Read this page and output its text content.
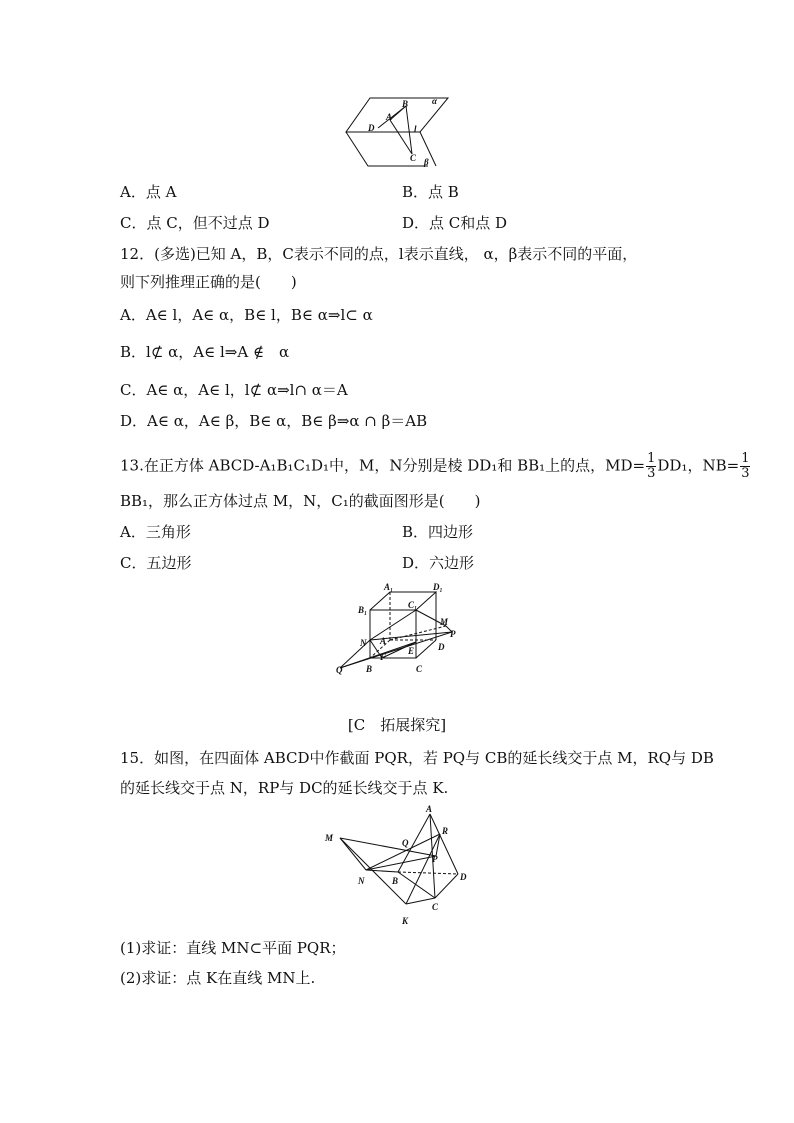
α
B
A
D	l
C β
A．点 A	B．点 B
C．点 C，但不过点 D	D．点 C和点 D
12．(多选)已知 A，B，C表示不同的点，l表示直线， α，β表示不同的平面，
则下列推理正确的是(　　)
A．A∈ l，A∈ α，B∈ l，B∈ α⇒l⊂ α
B．l⊄ α，A∈ l⇒A ∉　α
C．A∈ α，A∈ l，l⊄ α⇒l∩ α＝A
D．A∈ α，A∈ β，B∈ α，B∈ β⇒α ∩ β＝AB
13.在正方体 ABCD-A₁B₁C₁D₁中，M，N分别是棱 DD₁和 BB₁上的点，$MD= \frac{1}{3} DD_1$，$NB= \frac{1}{3}$
BB₁，那么正方体过点 M，N，C₁的截面图形是(　　)
A．三角形	B．四边形
C．五边形	D．六边形
A₁	D₁
B₁	C₁
M
P
N A
D
E
F
Q	B	C
[C　拓展探究]
15．如图，在四面体 ABCD中作截面 PQR，若 PQ与 CB的延长线交于点 M，RQ与 DB
的延长线交于点 N，RP与 DC的延长线交于点 K.
A
R
M	Q
P
N	B	D
C
K
(1)求证：直线 MN⊂平面 PQR；
(2)求证：点 K在直线 MN上.
